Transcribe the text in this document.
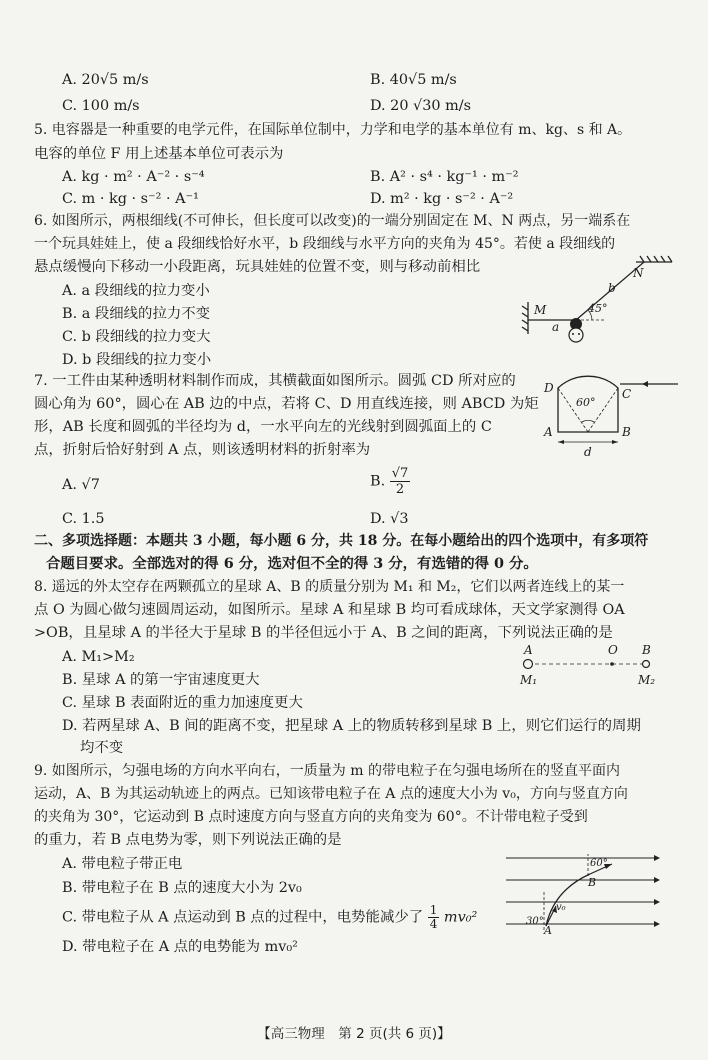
A. 20√5 m/s	B. 40√5 m/s
C. 100 m/s	D. 20 √30 m/s
5. 电容器是一种重要的电学元件，在国际单位制中，力学和电学的基本单位有 m、kg、s 和 A。
电容的单位 F 用上述基本单位可表示为
A. kg · m² · A⁻² · s⁻⁴	B. A² · s⁴ · kg⁻¹ · m⁻²
C. m · kg · s⁻² · A⁻¹	D. m² · kg · s⁻² · A⁻²
6. 如图所示，两根细线(不可伸长，但长度可以改变)的一端分别固定在 M、N 两点，另一端系在
一个玩具娃娃上，使 a 段细线恰好水平，b 段细线与水平方向的夹角为 45°。若使 a 段细线的
悬点缓慢向下移动一小段距离，玩具娃娃的位置不变，则与移动前相比
A. a 段细线的拉力变小
B. a 段细线的拉力不变
C. b 段细线的拉力变大
D. b 段细线的拉力变小
M
a
b
N
45°
7. 一工件由某种透明材料制作而成，其横截面如图所示。圆弧 CD 所对应的
圆心角为 60°，圆心在 AB 边的中点，若将 C、D 用直线连接，则 ABCD 为矩
形，AB 长度和圆弧的半径均为 d，一水平向左的光线射到圆弧面上的 C
点，折射后恰好射到 A 点，则该透明材料的折射率为
A. √7	B. $\frac{√7}{2}$
C. 1.5	D. √3
D	C
A	B
60°
d
二、多项选择题：本题共 3 小题，每小题 6 分，共 18 分。在每小题给出的四个选项中，有多项符
合题目要求。全部选对的得 6 分，选对但不全的得 3 分，有选错的得 0 分。
8. 遥远的外太空存在两颗孤立的星球 A、B 的质量分别为 M₁ 和 M₂，它们以两者连线上的某一
点 O 为圆心做匀速圆周运动，如图所示。星球 A 和星球 B 均可看成球体，天文学家测得 OA
>OB，且星球 A 的半径大于星球 B 的半径但远小于 A、B 之间的距离，下列说法正确的是
A. M₁>M₂
B. 星球 A 的第一宇宙速度更大
C. 星球 B 表面附近的重力加速度更大
D. 若两星球 A、B 间的距离不变，把星球 A 上的物质转移到星球 B 上，则它们运行的周期
均不变
A	O B
M₁	M₂
9. 如图所示，匀强电场的方向水平向右，一质量为 m 的带电粒子在匀强电场所在的竖直平面内
运动，A、B 为其运动轨迹上的两点。已知该带电粒子在 A 点的速度大小为 v₀，方向与竖直方向
的夹角为 30°，它运动到 B 点时速度方向与竖直方向的夹角变为 60°。不计带电粒子受到
的重力，若 B 点电势为零，则下列说法正确的是
A. 带电粒子带正电
B. 带电粒子在 B 点的速度大小为 2v₀
C. 带电粒子从 A 点运动到 B 点的过程中，电势能减少了 $\frac{1}{4} mv_0^2$
D. 带电粒子在 A 点的电势能为 mv₀²
A
B
v₀
30°
60°
【高三物理　第 2 页(共 6 页)】
